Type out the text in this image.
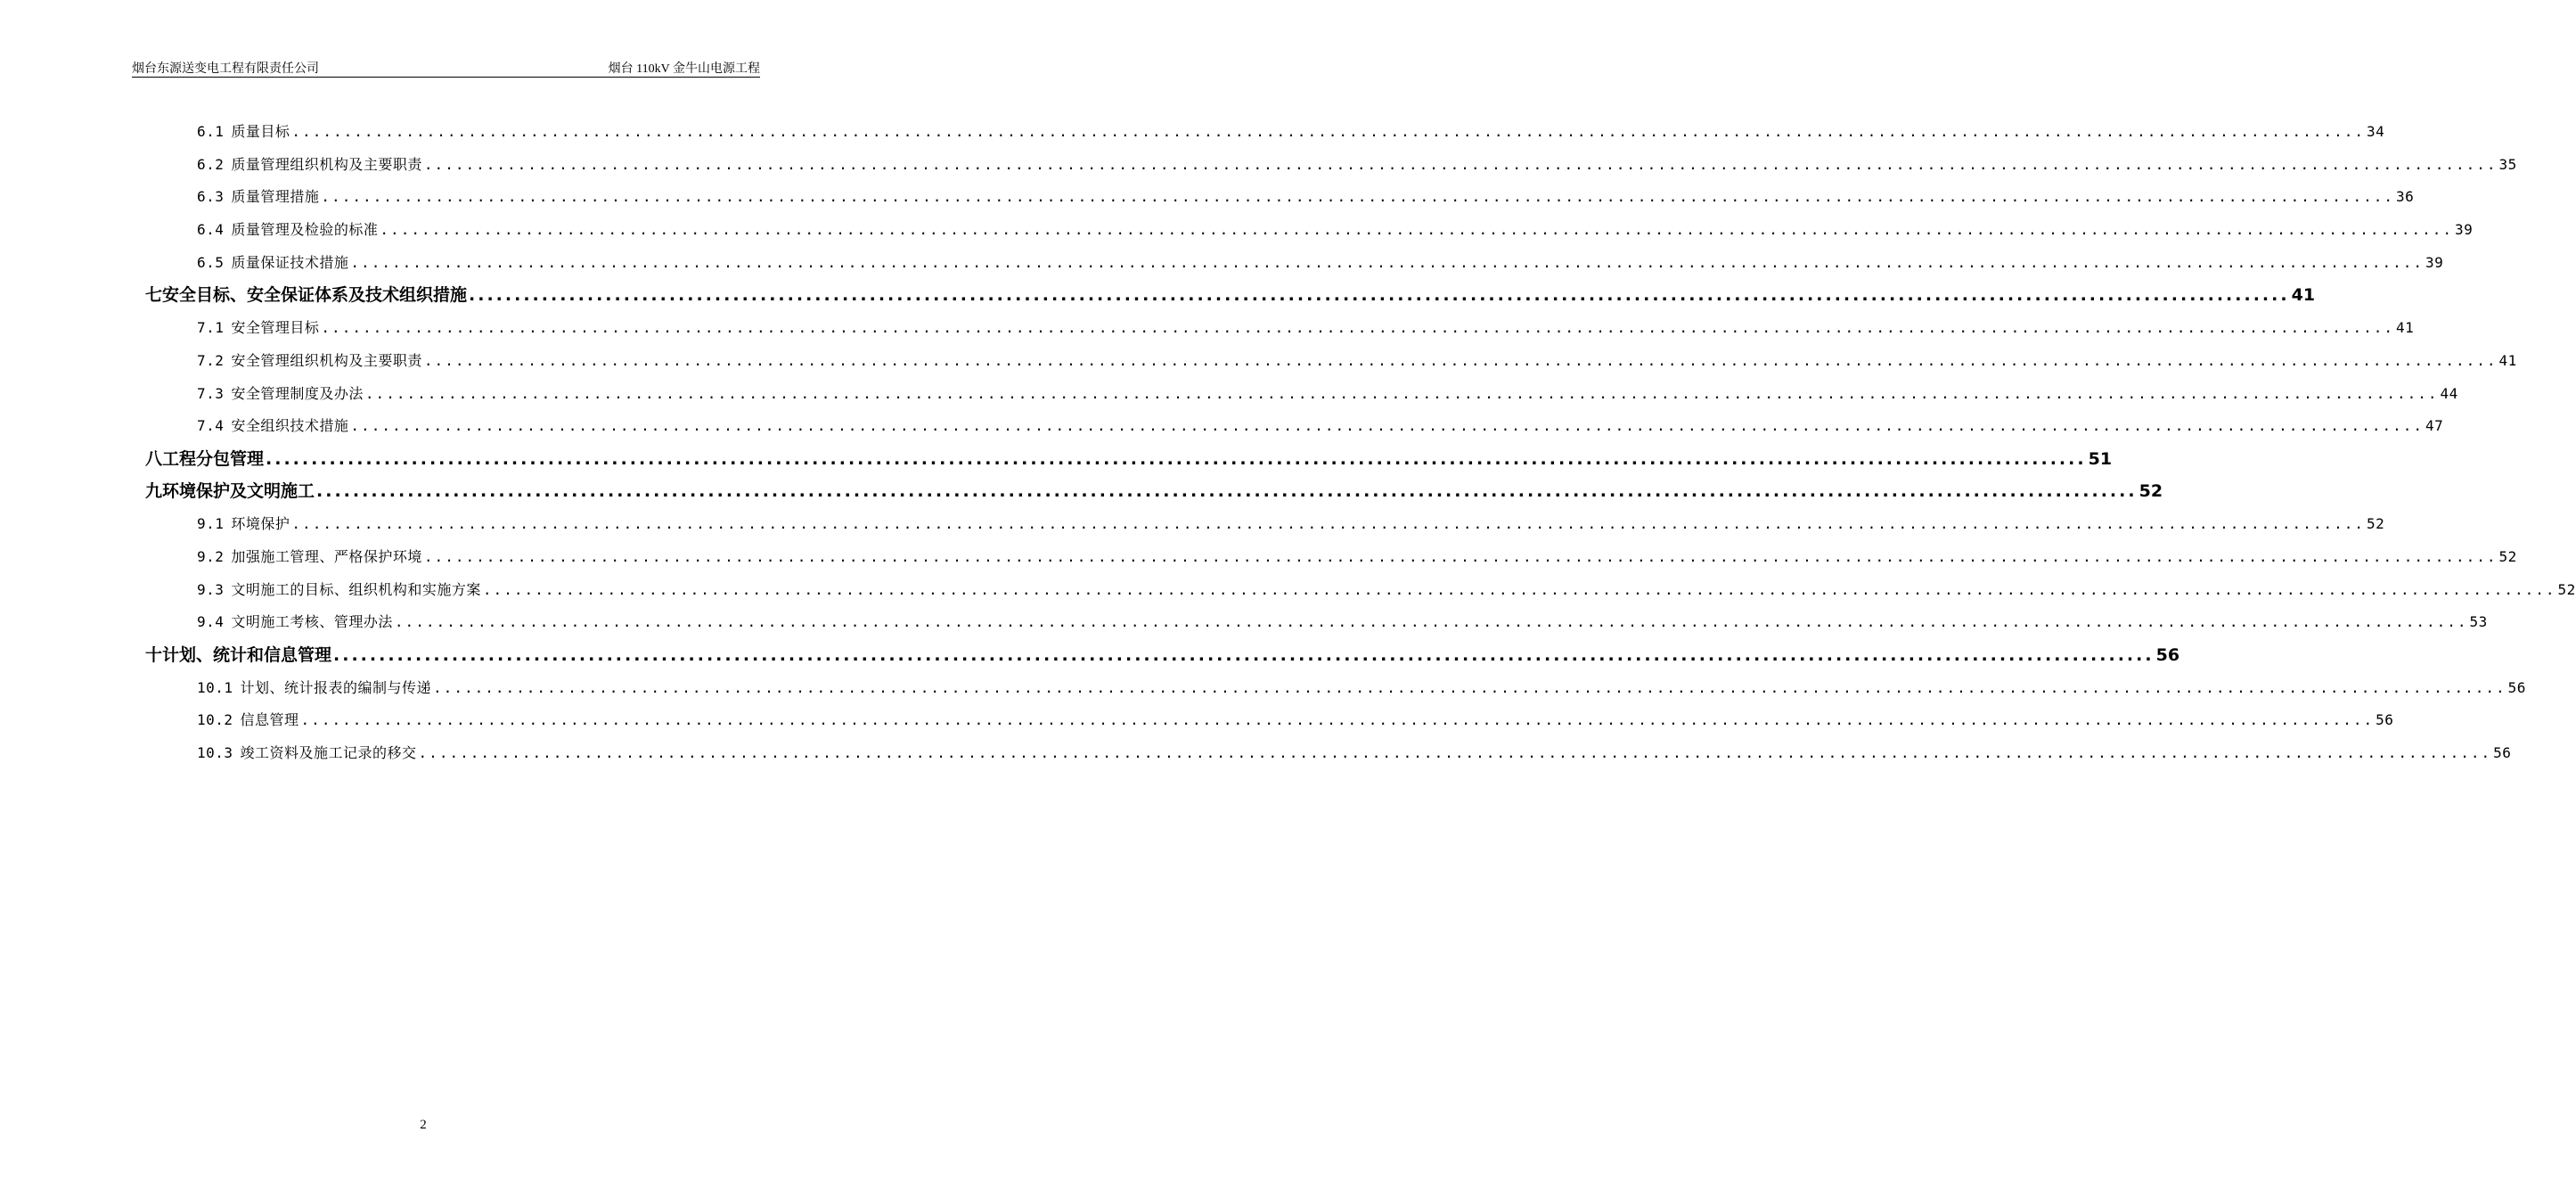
烟台东源送变电工程有限责任公司	烟台 110kV 金牛山电源工程
6.1 质量目标 ........................................................................................................................................................................................................ 34
6.2 质量管理组织机构及主要职责 ........................................................................................................................................................................................................ 35
6.3 质量管理措施 ........................................................................................................................................................................................................ 36
6.4 质量管理及检验的标准 ........................................................................................................................................................................................................ 39
6.5 质量保证技术措施 ........................................................................................................................................................................................................ 39
七 安全目标、安全保证体系及技术组织措施 ........................................................................................................................................................................................................ 41
7.1 安全管理目标 ........................................................................................................................................................................................................ 41
7.2 安全管理组织机构及主要职责 ........................................................................................................................................................................................................ 41
7.3 安全管理制度及办法 ........................................................................................................................................................................................................ 44
7.4 安全组织技术措施 ........................................................................................................................................................................................................ 47
八 工程分包管理 ........................................................................................................................................................................................................ 51
九 环境保护及文明施工 ........................................................................................................................................................................................................ 52
9.1 环境保护 ........................................................................................................................................................................................................ 52
9.2 加强施工管理、严格保护环境 ........................................................................................................................................................................................................ 52
9.3 文明施工的目标、组织机构和实施方案 ........................................................................................................................................................................................................ 52
9.4 文明施工考核、管理办法 ........................................................................................................................................................................................................ 53
十 计划、统计和信息管理 ........................................................................................................................................................................................................ 56
10.1 计划、统计报表的编制与传递 ........................................................................................................................................................................................................ 56
10.2 信息管理 ........................................................................................................................................................................................................ 56
10.3 竣工资料及施工记录的移交 ........................................................................................................................................................................................................ 56
2
